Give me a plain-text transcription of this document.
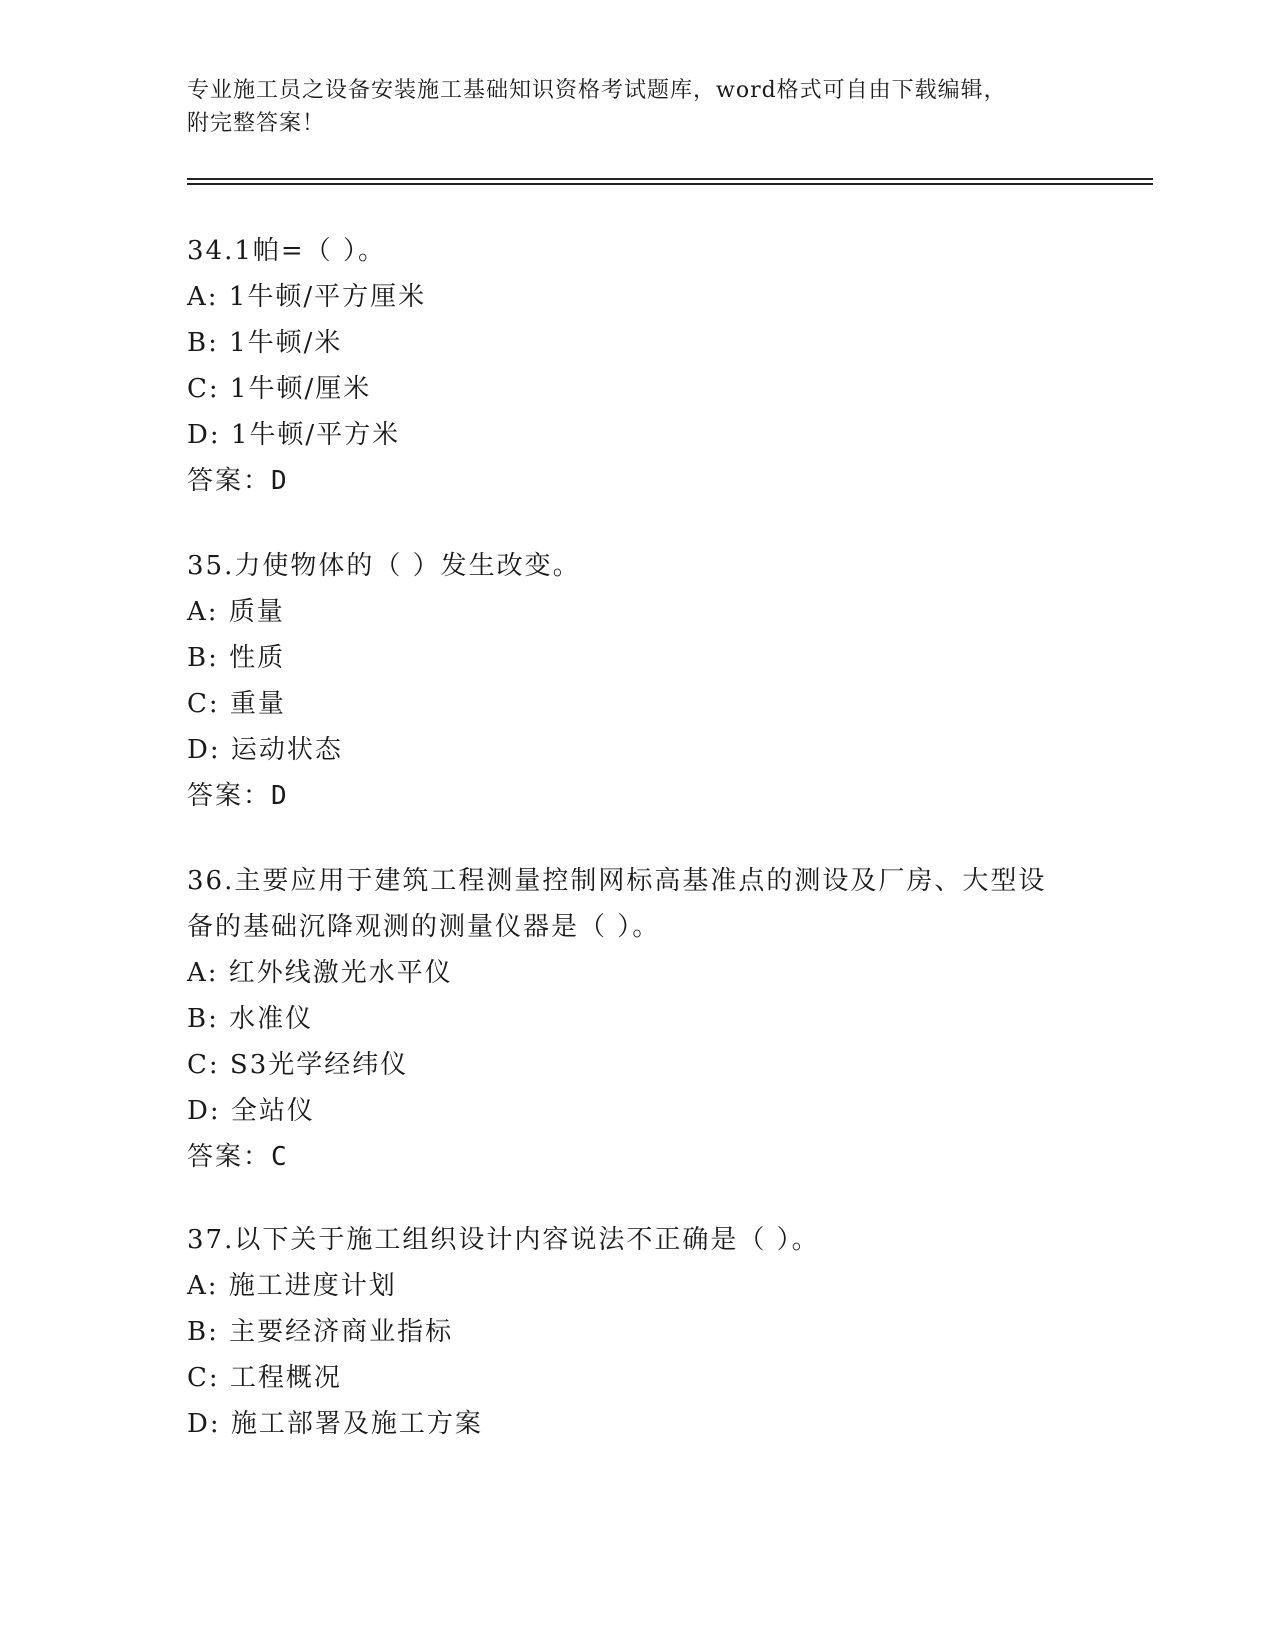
专业施工员之设备安装施工基础知识资格考试题库，word格式可自由下载编辑，
附完整答案！
34.1帕=（ ）。
A: 1牛顿/平方厘米
B: 1牛顿/米
C: 1牛顿/厘米
D: 1牛顿/平方米
答案：D
35.力使物体的（ ）发生改变。
A: 质量
B: 性质
C: 重量
D: 运动状态
答案：D
36.主要应用于建筑工程测量控制网标高基准点的测设及厂房、大型设
备的基础沉降观测的测量仪器是（ ）。
A: 红外线激光水平仪
B: 水准仪
C: S3光学经纬仪
D: 全站仪
答案：C
37.以下关于施工组织设计内容说法不正确是（ ）。
A: 施工进度计划
B: 主要经济商业指标
C: 工程概况
D: 施工部署及施工方案
